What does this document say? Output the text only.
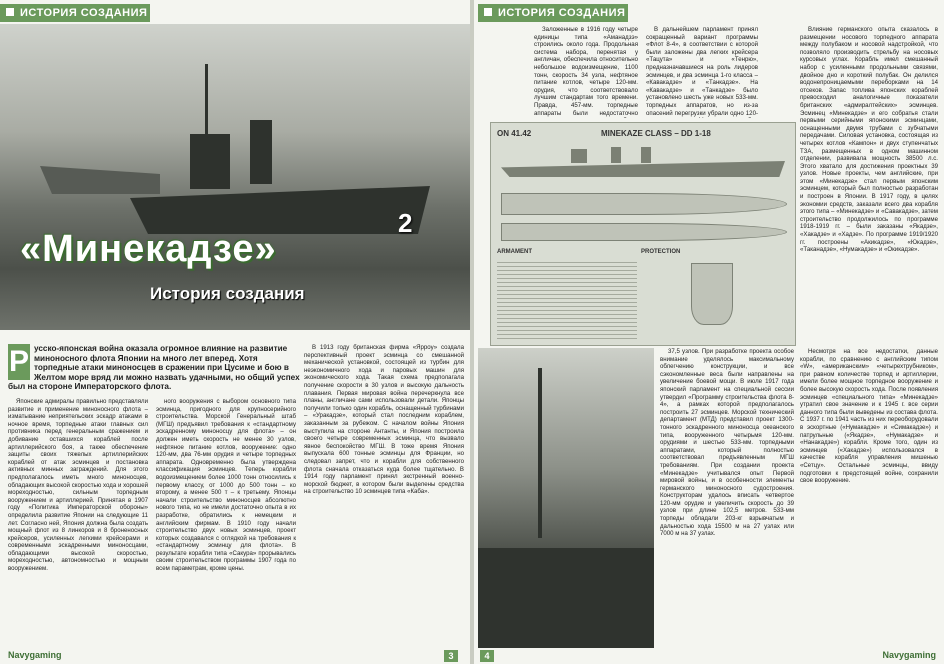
ИСТОРИЯ СОЗДАНИЯ
2
«Минекадзе»
История создания
Р усско-японская война оказала огромное влияние на развитие миноносного флота Японии на много лет вперед. Хотя торпедные атаки миноносцев в сражении при Цусиме и бою в Желтом море вряд ли можно назвать удачными, но общий успех был на стороне Императорского флота.

Японские адмиралы правильно представляли развитие и применение миноносного флота – изматывание неприятельских эскадр атаками в ночное время, торпедные атаки главных сил противника перед генеральным сражением и добивание оставшихся кораблей после артиллерийского боя, а также обеспечение защиты своих тяжелых артиллерийских кораблей от атак эсминцев и постановка активных минных заграждений. Для этого предполагалось иметь много миноносцев, обладающих высокой скоростью хода и хорошей мореходностью, сильным торпедным вооружением и артиллерией. Принятая в 1907 году «Политика Императорской обороны» определила развитие Японии на следующие 11 лет. Согласно ней, Япония должна была создать мощный флот из 8 линкоров и 8 броненосных крейсеров, усиленных легкими крейсерами и современными эскадренными миноносцами, обладающими высокой скоростью, мореходностью, автономностью и мощным вооружением.

ного вооружения с выбором основного типа эсминца, пригодного для крупносерийного строительства. Морской Генеральный штаб (МГШ) предъявил требования к «стандартному эскадренному миноносцу для флота» – он должен иметь скорость не менее 30 узлов, нефтяное питание котлов, вооружение: одно 120-мм, два 76-мм орудия и четыре торпедных аппарата. Одновременно была утверждена классификация эсминцев. Теперь корабли водоизмещением более 1000 тонн относились к первому классу, от 1000 до 500 тонн – ко второму, а менее 500 т – к третьему. Японцы начали строительство миноносцев абсолютно нового типа, но не имели достаточно опыта в их разработке, обратились к немецким и английским фирмам. В 1910 году начали строительство двух новых эсминцев, проект которых создавался с оглядкой на требования к «стандартному эсминцу для флота». В результате корабли типа «Сакура» прорывались своим строительством программы 1907 года по всем параметрам, кроме цены.

В 1913 году британская фирма «Ярроу» создала перспективный проект эсминца со смешанной механической установкой, состоящей из турбин для неэкономичного хода и паровых машин для экономического хода. Такая схема предполагала получение скорости в 30 узлов и высокую дальность плавания. Первая мировая война перечеркнула все планы, англичане сами использовали детали. Японцы получили только один корабль, оснащенный турбинами – «Уракадзе», который стал последним кораблем, заказанным за рубежом. С началом войны Япония выступила на стороне Антанты, и Япония построила своего четыре современных эсминца, что вызвало явное беспокойство МГШ. В тоже время Япония выпускала 600 тонные эсминцы для Франции, но следовал запрет, что и корабли для собственного флота сначала отказаться куда более тщательно. В 1914 году парламент принял экстренный военно-морской бюджет, в котором были выделены средства на строительство 10 эсминцев типа «Каба».

Navygaming	3
ИСТОРИЯ СОЗДАНИЯ

Заложенные в 1916 году четыре единицы типа «Аманадзэ» строились около года. Продольная система набора, перенятая у англичан, обеспечила относительно небольшое водоизмещение, 1100 тонн, скорость 34 узла, нефтяное питание котлов, четыре 120-мм. орудия, что соответствовало лучшим стандартам того времени. Правда, 457-мм. торпедные аппараты были недостаточно

В дальнейшем парламент принял сокращенный вариант программы «Флот 8-4», в соответствии с которой были заложены два легких крейсера «Тацута» и «Тенрю», предназначавшиеся на роль лидеров эсминцев, и два эсминца 1-го класса – «Кавакадзе» и «Танкадзе». На «Кавакадзе» и «Танкадзе» было установлено шесть уже новых 533-мм. торпедных аппаратов, но из-за опасений перегрузки убрали одно 120-

Влияние германского опыта сказалось в размещении носового торпедного аппарата между полубаком и носовой надстройкой, что позволяло производить стрельбу на носовых курсовых углах. Корабль имел смешанный набор с усиленными продольными связями, двойное дно и короткий полубак. Он делился водонепроницаемыми переборками на 14 отсеков. Запас топлива японских кораблей превосходил аналогичные показатели британских «адмиралтейских» эсминцев. Эсминец «Минекадзе» и его собратья стали первыми серийными японскими эсминцами, оснащенными двумя трубами с зубчатыми передачами. Силовая установка, состоящая из четырех котлов «Кампон» и двух ступенчатых ТЗА, размещенных в одном машинном отделении, развивала мощность 38500 л.с. Этого хватало для достижения проектных 39 узлов. Новые проекты, чем английские, при этом «Минекадзе» стал первым японским эсминцем, который был полностью разработан и построен в Японии. В 1917 году, в целях экономии средств, заказали всего два корабля этого типа – «Минекадзе» и «Савакадзе», затем строительство продолжилось по программе 1918-1919 гг. – были заказаны «Якадзе», «Хакадзе» и «Хадзе». По программе 1919/1920 гг. построены «Акикадзе», «Юкадзе», «Таканадзе», «Нумакадзе» и «Окикадзе».

ON 41.42	MINEKAZE CLASS – DD 1-18
ARMAMENT	PROTECTION

37,5 узлов. При разработке проекта особое внимание уделялось максимальному облегчению конструкции, и все сэкономленные веса были направлены на увеличение боевой мощи. В июле 1917 года японский парламент на специальной сессии утвердил «Программу строительства флота 8-4», а рамках которой предполагалось построить 27 эсминцев. Морской технический департамент (МТД) представил проект 1300-тонного эскадренного миноносца океанского типа, вооруженного четырьмя 120-мм. орудиями и шестью 533-мм. торпедными аппаратами, который полностью соответствовал предъявленным МГШ требованиям. При создании проекта «Минекадзе» учитывался опыт Первой мировой войны, и в особенности элементы германского миноносного судостроения. Конструкторам удалось вписать четвертое 120-мм орудие и увеличить скорость до 39 узлов при длине 102,5 метров. 533-мм торпеды обладали 203-кг взрывчатым и дальностью хода 15500 м на 27 узлах или 7000 м на 37 узлах.

Несмотря на все недостатки, данные корабли, по сравнению с английским типом «W», «американским» «четырехтрубником», при равном количестве торпед и артиллерии, имели более мощное торпедное вооружение и более высокую скорость хода. После появления эсминцев «специального типа» «Минекадзе» утратил свое значение и к 1945 г. все серии данного типа были выведены из состава флота. С 1937 г. по 1941 часть из них переоборудовали в эскортные («Нумакадзе» и «Симакадзе») и патрульные («Якадзе», «Нумакадзе» и «Нанакадзе») корабли. Кроме того, один из эсминцев («Хакадзе») использовался в качестве корабля управления мишенью «Сетцу». Остальные эсминцы, ввиду подготовки к предстоящей войне, сохранили свое вооружение.

4	Navygaming
